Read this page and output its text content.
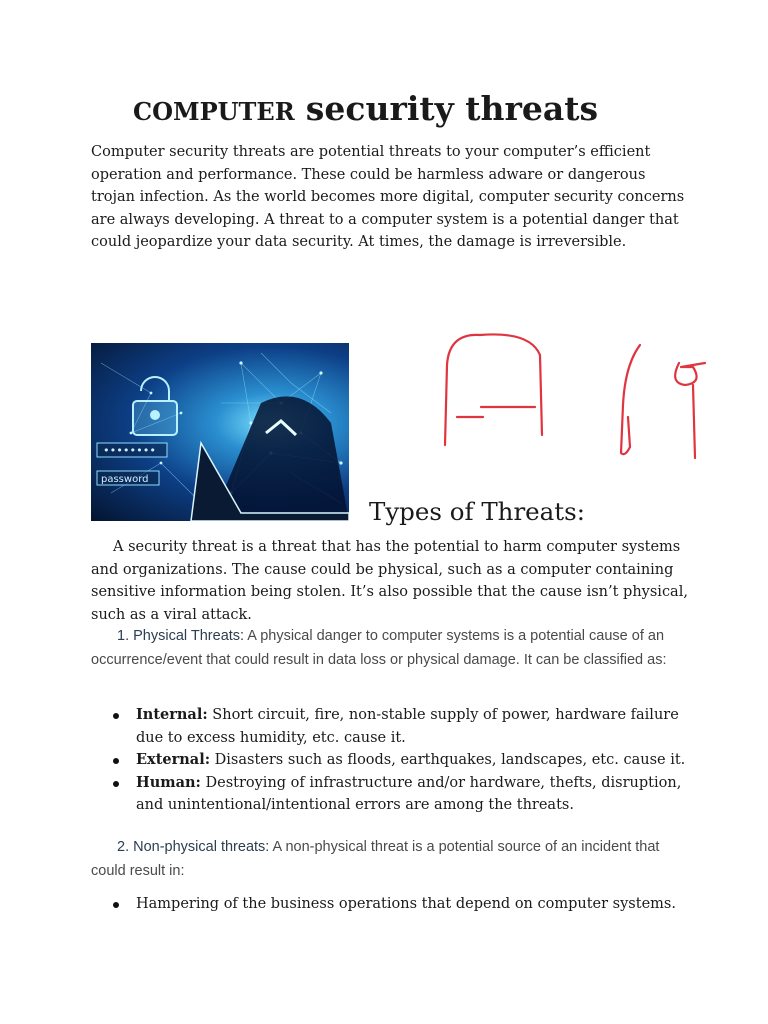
COMPUTER security threats

Computer security threats are potential threats to your computer’s efficient operation and performance. These could be harmless adware or dangerous trojan infection. As the world becomes more digital, computer security concerns are always developing. A threat to a computer system is a potential danger that could jeopardize your data security. At times, the damage is irreversible.

••••••••
password
Types of Threats:

A security threat is a threat that has the potential to harm computer systems and organizations. The cause could be physical, such as a computer containing sensitive information being stolen. It’s also possible that the cause isn’t physical, such as a viral attack.

1. Physical Threats: A physical danger to computer systems is a potential cause of an occurrence/event that could result in data loss or physical damage. It can be classified as:

Internal: Short circuit, fire, non-stable supply of power, hardware failure due to excess humidity, etc. cause it.
External: Disasters such as floods, earthquakes, landscapes, etc. cause it.
Human: Destroying of infrastructure and/or hardware, thefts, disruption, and unintentional/intentional errors are among the threats.

2. Non-physical threats: A non-physical threat is a potential source of an incident that could result in:

Hampering of the business operations that depend on computer systems.
